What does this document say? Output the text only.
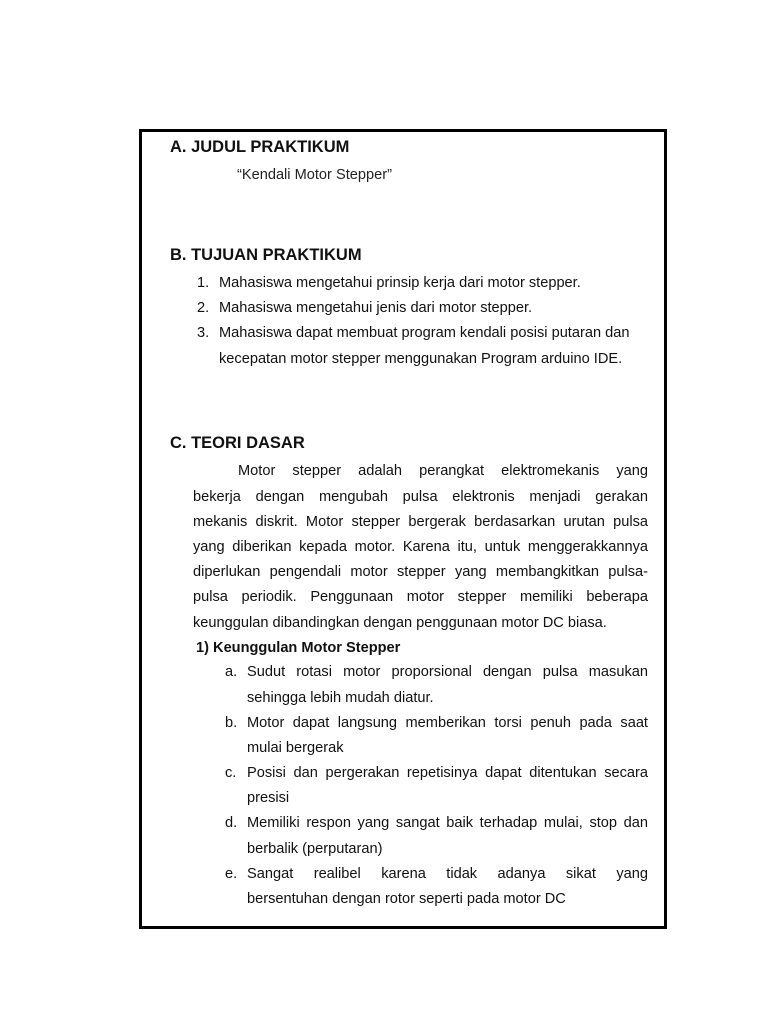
A. JUDUL PRAKTIKUM
“Kendali Motor Stepper”
B. TUJUAN PRAKTIKUM
1. Mahasiswa mengetahui prinsip kerja dari motor stepper.
2. Mahasiswa mengetahui jenis dari motor stepper.
3. Mahasiswa dapat membuat program kendali posisi putaran dan
kecepatan motor stepper menggunakan Program arduino IDE.
C. TEORI DASAR
Motor stepper adalah perangkat elektromekanis yang
bekerja dengan mengubah pulsa elektronis menjadi gerakan
mekanis diskrit. Motor stepper bergerak berdasarkan urutan pulsa
yang diberikan kepada motor. Karena itu, untuk menggerakkannya
diperlukan pengendali motor stepper yang membangkitkan pulsa-
pulsa periodik. Penggunaan motor stepper memiliki beberapa
keunggulan dibandingkan dengan penggunaan motor DC biasa.
1) Keunggulan Motor Stepper
a. Sudut rotasi motor proporsional dengan pulsa masukan
sehingga lebih mudah diatur.
b. Motor dapat langsung memberikan torsi penuh pada saat
mulai bergerak
c. Posisi dan pergerakan repetisinya dapat ditentukan secara
presisi
d. Memiliki respon yang sangat baik terhadap mulai, stop dan
berbalik (perputaran)
e. Sangat realibel karena tidak adanya sikat yang
bersentuhan dengan rotor seperti pada motor DC
